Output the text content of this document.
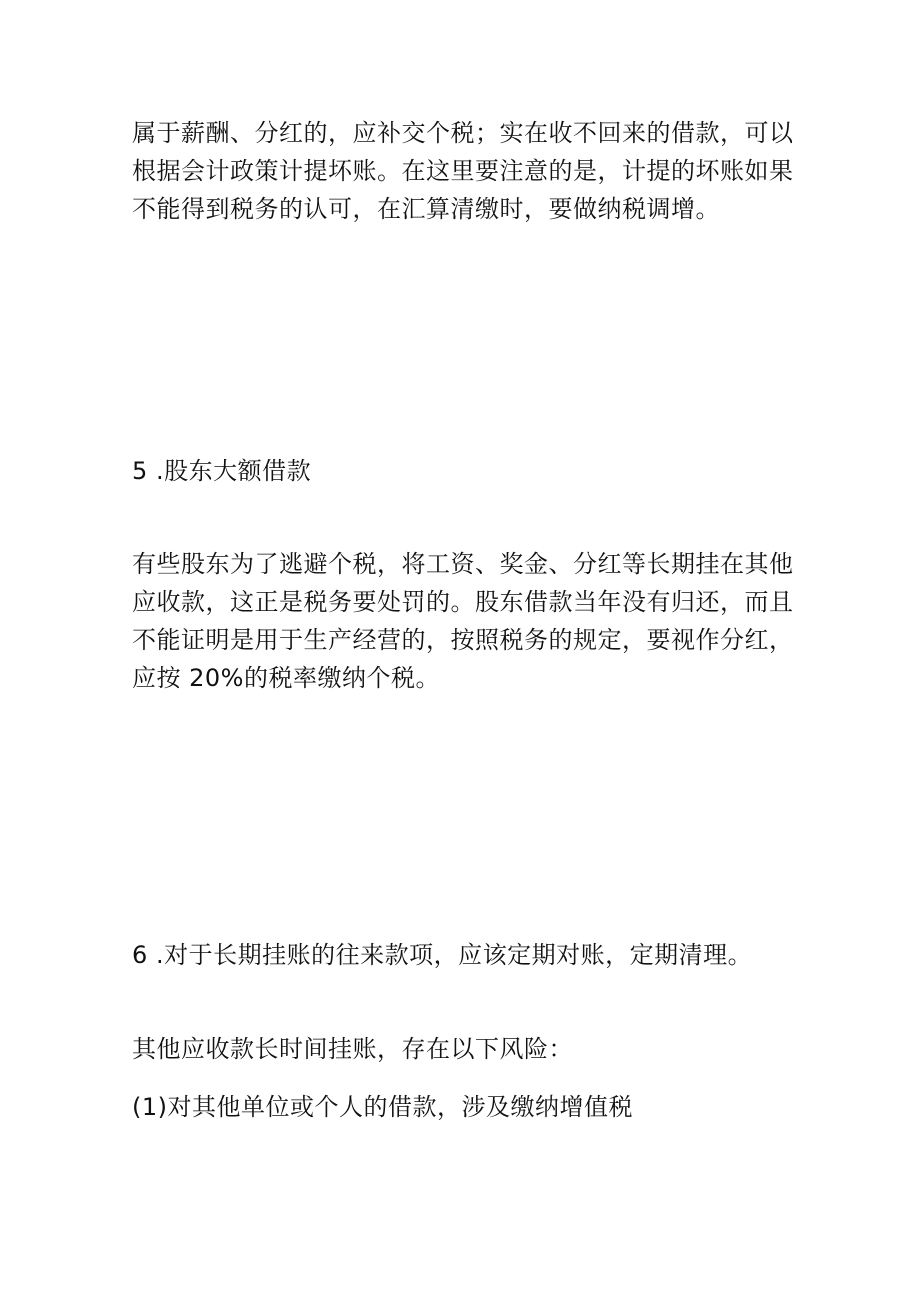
属于薪酬、分红的，应补交个税；实在收不回来的借款，可以
根据会计政策计提坏账。在这里要注意的是，计提的坏账如果
不能得到税务的认可，在汇算清缴时，要做纳税调增。
5 .股东大额借款
有些股东为了逃避个税，将工资、奖金、分红等长期挂在其他
应收款，这正是税务要处罚的。股东借款当年没有归还，而且
不能证明是用于生产经营的，按照税务的规定，要视作分红，
应按 20%的税率缴纳个税。
6 .对于长期挂账的往来款项，应该定期对账，定期清理。
其他应收款长时间挂账，存在以下风险：
(1)对其他单位或个人的借款，涉及缴纳增值税
